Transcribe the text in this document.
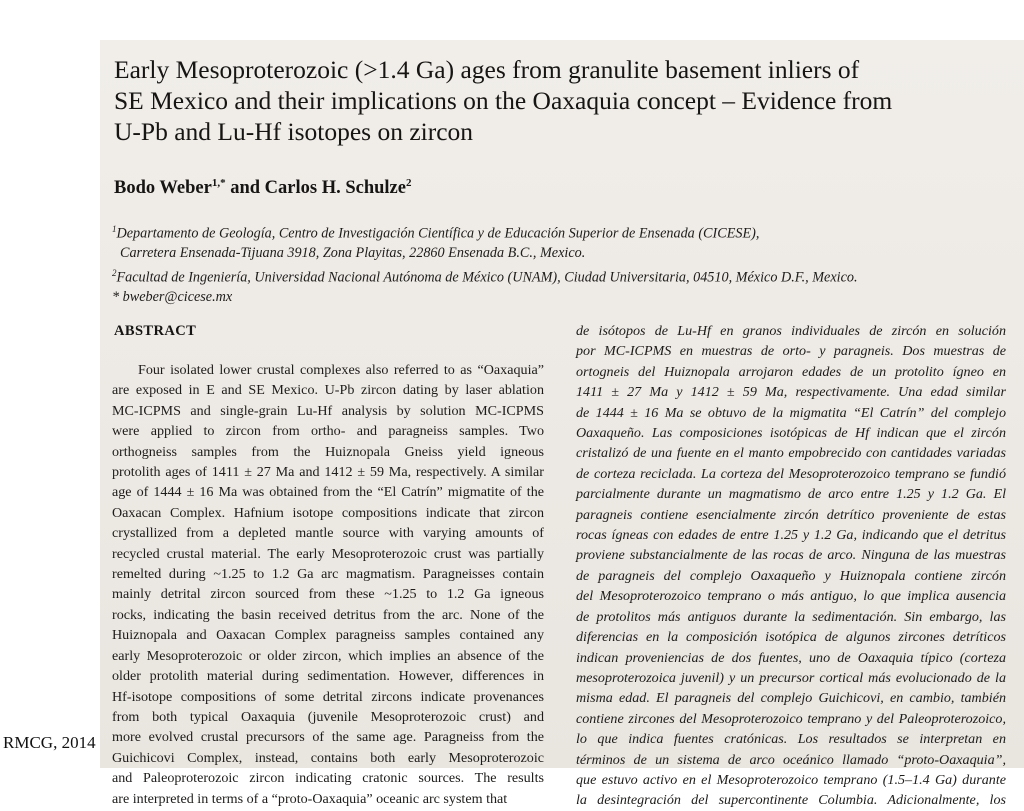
Early Mesoproterozoic (>1.4 Ga) ages from granulite basement inliers of
SE Mexico and their implications on the Oaxaquia concept – Evidence from
U-Pb and Lu-Hf isotopes on zircon

Bodo Weber$^{1,*}$ and Carlos H. Schulze$^2$

$^1$Departamento de Geología, Centro de Investigación Científica y de Educación Superior de Ensenada (CICESE),
Carretera Ensenada-Tijuana 3918, Zona Playitas, 22860 Ensenada B.C., Mexico.
$^2$Facultad de Ingeniería, Universidad Nacional Autónoma de México (UNAM), Ciudad Universitaria, 04510, México D.F., Mexico.
* bweber@cicese.mx
ABSTRACT
Four isolated lower crustal complexes also referred to as “Oaxaquia”
are exposed in E and SE Mexico. U-Pb zircon dating by laser ablation
MC-ICPMS and single-grain Lu-Hf analysis by solution MC-ICPMS
were applied to zircon from ortho- and paragneiss samples. Two
orthogneiss samples from the Huiznopala Gneiss yield igneous
protolith ages of 1411 ± 27 Ma and 1412 ± 59 Ma, respectively. A similar
age of 1444 ± 16 Ma was obtained from the “El Catrín” migmatite of the
Oaxacan Complex. Hafnium isotope compositions indicate that zircon
crystallized from a depleted mantle source with varying amounts of
recycled crustal material. The early Mesoproterozoic crust was partially
remelted during ~1.25 to 1.2 Ga arc magmatism. Paragneisses contain
mainly detrital zircon sourced from these ~1.25 to 1.2 Ga igneous
rocks, indicating the basin received detritus from the arc. None of the
Huiznopala and Oaxacan Complex paragneiss samples contained any
early Mesoproterozoic or older zircon, which implies an absence of the
older protolith material during sedimentation. However, differences in
Hf-isotope compositions of some detrital zircons indicate provenances
from both typical Oaxaquia (juvenile Mesoproterozoic crust) and
more evolved crustal precursors of the same age. Paragneiss from the
Guichicovi Complex, instead, contains both early Mesoproterozoic
and Paleoproterozoic zircon indicating cratonic sources. The results
are interpreted in terms of a “proto-Oaxaquia” oceanic arc system that
de isótopos de Lu-Hf en granos individuales de zircón en solución
por MC-ICPMS en muestras de orto- y paragneis. Dos muestras de
ortogneis del Huiznopala arrojaron edades de un protolito ígneo en
1411 ± 27 Ma y 1412 ± 59 Ma, respectivamente. Una edad similar
de 1444 ± 16 Ma se obtuvo de la migmatita “El Catrín” del complejo
Oaxaqueño. Las composiciones isotópicas de Hf indican que el zircón
cristalizó de una fuente en el manto empobrecido con cantidades variadas
de corteza reciclada. La corteza del Mesoproterozoico temprano se fundió
parcialmente durante un magmatismo de arco entre 1.25 y 1.2 Ga. El
paragneis contiene esencialmente zircón detrítico proveniente de estas
rocas ígneas con edades de entre 1.25 y 1.2 Ga, indicando que el detritus
proviene substancialmente de las rocas de arco. Ninguna de las muestras
de paragneis del complejo Oaxaqueño y Huiznopala contiene zircón
del Mesoproterozoico temprano o más antiguo, lo que implica ausencia
de protolitos más antiguos durante la sedimentación. Sin embargo, las
diferencias en la composición isotópica de algunos zircones detríticos
indican proveniencias de dos fuentes, uno de Oaxaquia típico (corteza
mesoproterozoica juvenil) y un precursor cortical más evolucionado de la
misma edad. El paragneis del complejo Guichicovi, en cambio, también
contiene zircones del Mesoproterozoico temprano y del Paleoproterozoico,
lo que indica fuentes cratónicas. Los resultados se interpretan en
términos de un sistema de arco oceánico llamado “proto-Oaxaquia”,
que estuvo activo en el Mesoproterozoico temprano (1.5–1.4 Ga) durante
la desintegración del supercontinente Columbia. Adicionalmente, los
RMCG, 2014
